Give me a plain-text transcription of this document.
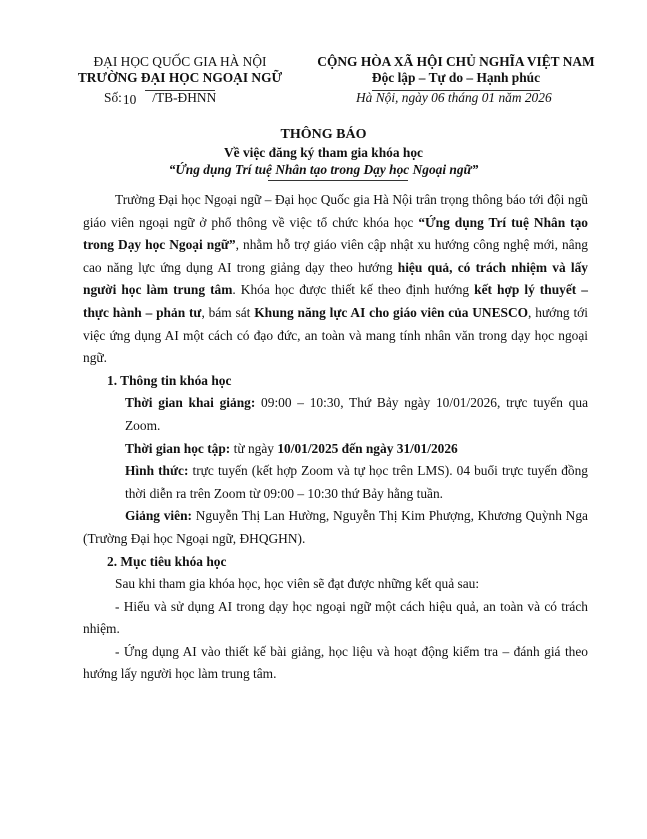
ĐẠI HỌC QUỐC GIA HÀ NỘI
TRƯỜNG ĐẠI HỌC NGOẠI NGỮ
CỘNG HÒA XÃ HỘI CHỦ NGHĨA VIỆT NAM
Độc lập – Tự do – Hạnh phúc
Số:10 /TB-ĐHNN	Hà Nội, ngày 06 tháng 01 năm 2026
THÔNG BÁO
Về việc đăng ký tham gia khóa học
“Ứng dụng Trí tuệ Nhân tạo trong Dạy học Ngoại ngữ”

Trường Đại học Ngoại ngữ – Đại học Quốc gia Hà Nội trân trọng thông báo tới đội ngũ giáo viên ngoại ngữ ở phổ thông về việc tổ chức khóa học “Ứng dụng Trí tuệ Nhân tạo trong Dạy học Ngoại ngữ”, nhằm hỗ trợ giáo viên cập nhật xu hướng công nghệ mới, nâng cao năng lực ứng dụng AI trong giảng dạy theo hướng hiệu quả, có trách nhiệm và lấy người học làm trung tâm. Khóa học được thiết kế theo định hướng kết hợp lý thuyết – thực hành – phản tư, bám sát Khung năng lực AI cho giáo viên của UNESCO, hướng tới việc ứng dụng AI một cách có đạo đức, an toàn và mang tính nhân văn trong dạy học ngoại ngữ.

1. Thông tin khóa học

Thời gian khai giảng: 09:00 – 10:30, Thứ Bảy ngày 10/01/2026, trực tuyến qua Zoom.

Thời gian học tập: từ ngày 10/01/2025 đến ngày 31/01/2026

Hình thức: trực tuyến (kết hợp Zoom và tự học trên LMS). 04 buổi trực tuyến đồng thời diễn ra trên Zoom từ 09:00 – 10:30 thứ Bảy hằng tuần.

Giảng viên: Nguyễn Thị Lan Hường, Nguyễn Thị Kim Phượng, Khương Quỳnh Nga (Trường Đại học Ngoại ngữ, ĐHQGHN).

2. Mục tiêu khóa học

Sau khi tham gia khóa học, học viên sẽ đạt được những kết quả sau:

- Hiểu và sử dụng AI trong dạy học ngoại ngữ một cách hiệu quả, an toàn và có trách nhiệm.

- Ứng dụng AI vào thiết kế bài giảng, học liệu và hoạt động kiểm tra – đánh giá theo hướng lấy người học làm trung tâm.
